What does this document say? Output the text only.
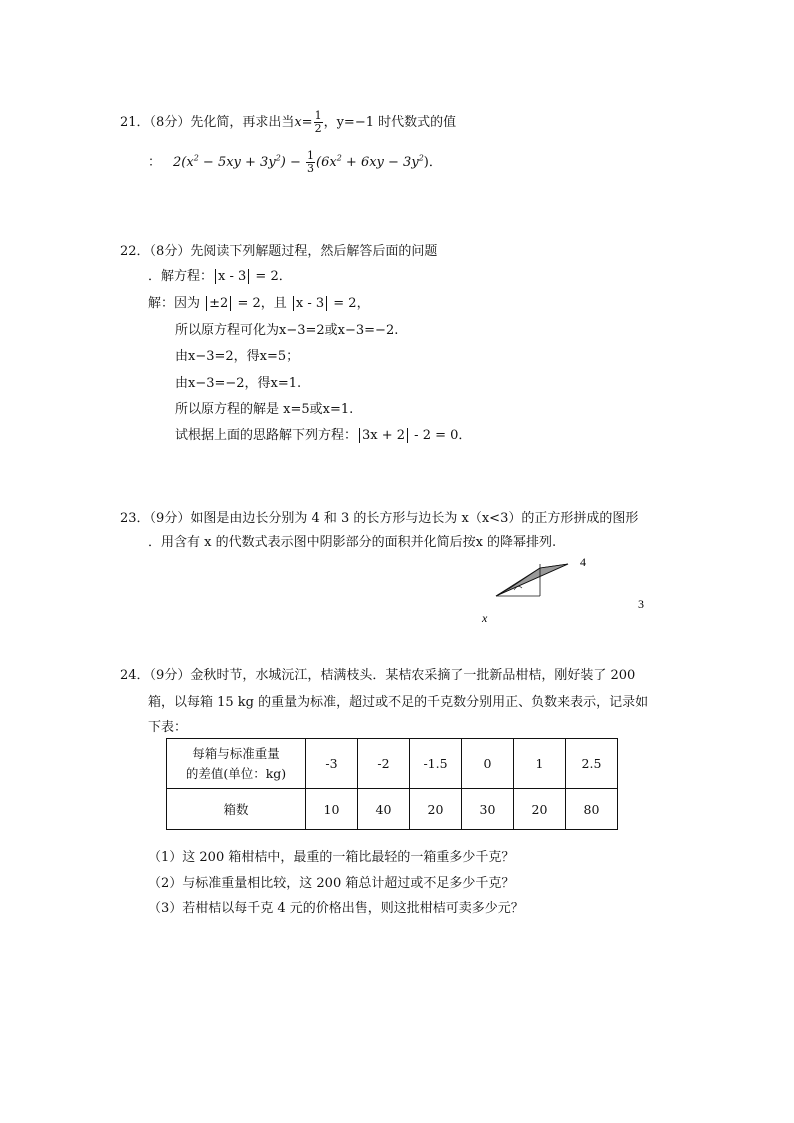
21．（8分）先化简，再求出当$x= \frac{1}{2}$ ，y=−1 时代数式的值
： $2(x^2 - 5xy + 3y^2) - \frac{1}{3} (6x^2 + 6xy - 3y^2)$．
22．（8分）先阅读下列解题过程，然后解答后面的问题
．解方程： x - 3 = 2．
解：因为 ±2 = 2，且 x - 3 = 2，
所以原方程可化为x−3=2或x−3=−2.
由x−3=2，得x=5；
由x−3=−2，得x=1.
所以原方程的解是 x=5或x=1.
试根据上面的思路解下列方程： 3x + 2 - 2 = 0．
23．（9分）如图是由边长分别为 4 和 3 的长方形与边长为 x（x<3）的正方形拼成的图形
．用含有 x 的代数式表示图中阴影部分的面积并化简后按x 的降幂排列.
4
3
x
24．（9分）金秋时节，水城沅江，桔满枝头．某桔农采摘了一批新品柑桔，刚好装了 200
箱，以每箱 15 kg 的重量为标准，超过或不足的千克数分别用正、负数来表示，记录如
下表：
每箱与标准重量
的差值(单位：kg)	-3	-2	-1.5	0	1	2.5
箱数	10	40	20	30	20	80
（1）这 200 箱柑桔中，最重的一箱比最轻的一箱重多少千克？
（2）与标准重量相比较，这 200 箱总计超过或不足多少千克？
（3）若柑桔以每千克 4 元的价格出售，则这批柑桔可卖多少元？
